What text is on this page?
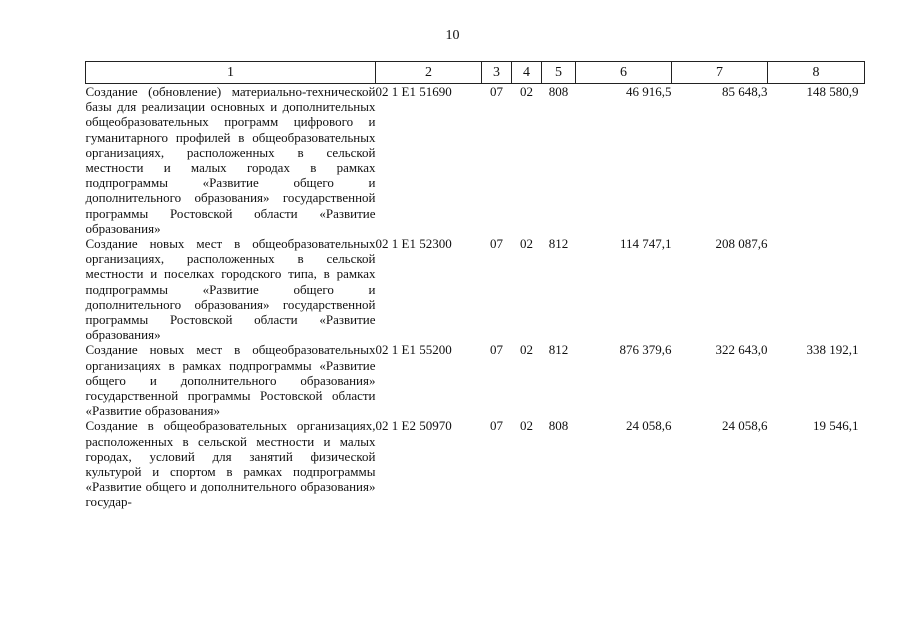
10
1	2	3	4	5	6	7	8
Создание (обновление) материально-технической базы для реализации основных и дополнительных общеобразовательных программ цифрового и гуманитарного профилей в общеобразовательных организациях, расположенных в сельской местности и малых городах в рамках подпрограммы «Развитие общего и дополнительного образования» государственной программы Ростовской области «Развитие образования»	02 1 E1 51690	07	02	808	46 916,5	85 648,3	148 580,9
Создание новых мест в общеобразовательных организациях, расположенных в сельской местности и поселках городского типа, в рамках подпрограммы «Развитие общего и дополнительного образования» государственной программы Ростовской области «Развитие образования»	02 1 E1 52300	07	02	812	114 747,1	208 087,6	
Создание новых мест в общеобразовательных организациях в рамках подпрограммы «Развитие общего и дополнительного образования» государственной программы Ростовской области «Развитие образования»	02 1 E1 55200	07	02	812	876 379,6	322 643,0	338 192,1
Создание в общеобразовательных организациях, расположенных в сельской местности и малых городах, условий для занятий физической культурой и спортом в рамках подпрограммы «Развитие общего и дополнительного образования» государ-	02 1 E2 50970	07	02	808	24 058,6	24 058,6	19 546,1
